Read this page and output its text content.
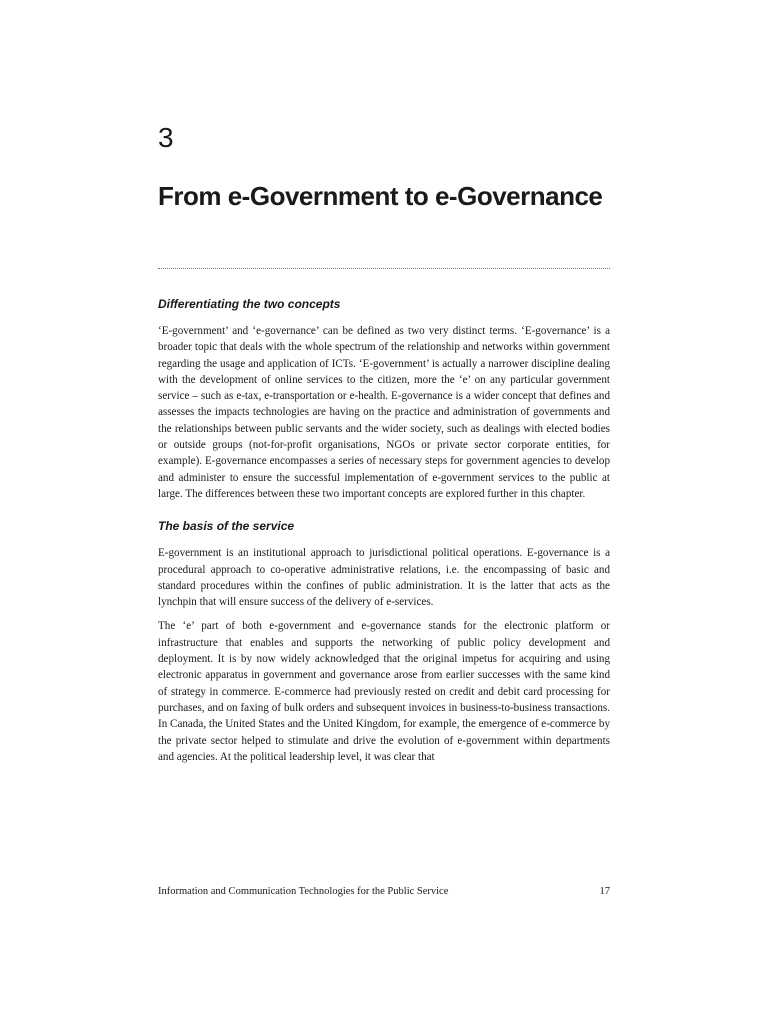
3
From e-Government to e-Governance
Differentiating the two concepts

‘E-government’ and ‘e-governance’ can be defined as two very distinct terms. ‘E-governance’ is a broader topic that deals with the whole spectrum of the relationship and networks within government regarding the usage and application of ICTs. ‘E-government’ is actually a narrower discipline dealing with the development of online services to the citizen, more the ‘e’ on any particular government service – such as e-tax, e-transportation or e-health. E-governance is a wider concept that defines and assesses the impacts technologies are having on the practice and administration of governments and the relationships between public servants and the wider society, such as dealings with elected bodies or outside groups (not-for-profit organisations, NGOs or private sector corporate entities, for example). E-governance encompasses a series of necessary steps for government agencies to develop and administer to ensure the successful implementation of e-government services to the public at large. The differences between these two important concepts are explored further in this chapter.

The basis of the service

E-government is an institutional approach to jurisdictional political operations. E-governance is a procedural approach to co-operative administrative relations, i.e. the encompassing of basic and standard procedures within the confines of public administration. It is the latter that acts as the lynchpin that will ensure success of the delivery of e-services.

The ‘e’ part of both e-government and e-governance stands for the electronic platform or infrastructure that enables and supports the networking of public policy development and deployment. It is by now widely acknowledged that the original impetus for acquiring and using electronic apparatus in government and governance arose from earlier successes with the same kind of strategy in commerce. E-commerce had previously rested on credit and debit card processing for purchases, and on faxing of bulk orders and subsequent invoices in business-to-business transactions. In Canada, the United States and the United Kingdom, for example, the emergence of e-commerce by the private sector helped to stimulate and drive the evolution of e-government within departments and agencies. At the political leadership level, it was clear that

Information and Communication Technologies for the Public Service	17
